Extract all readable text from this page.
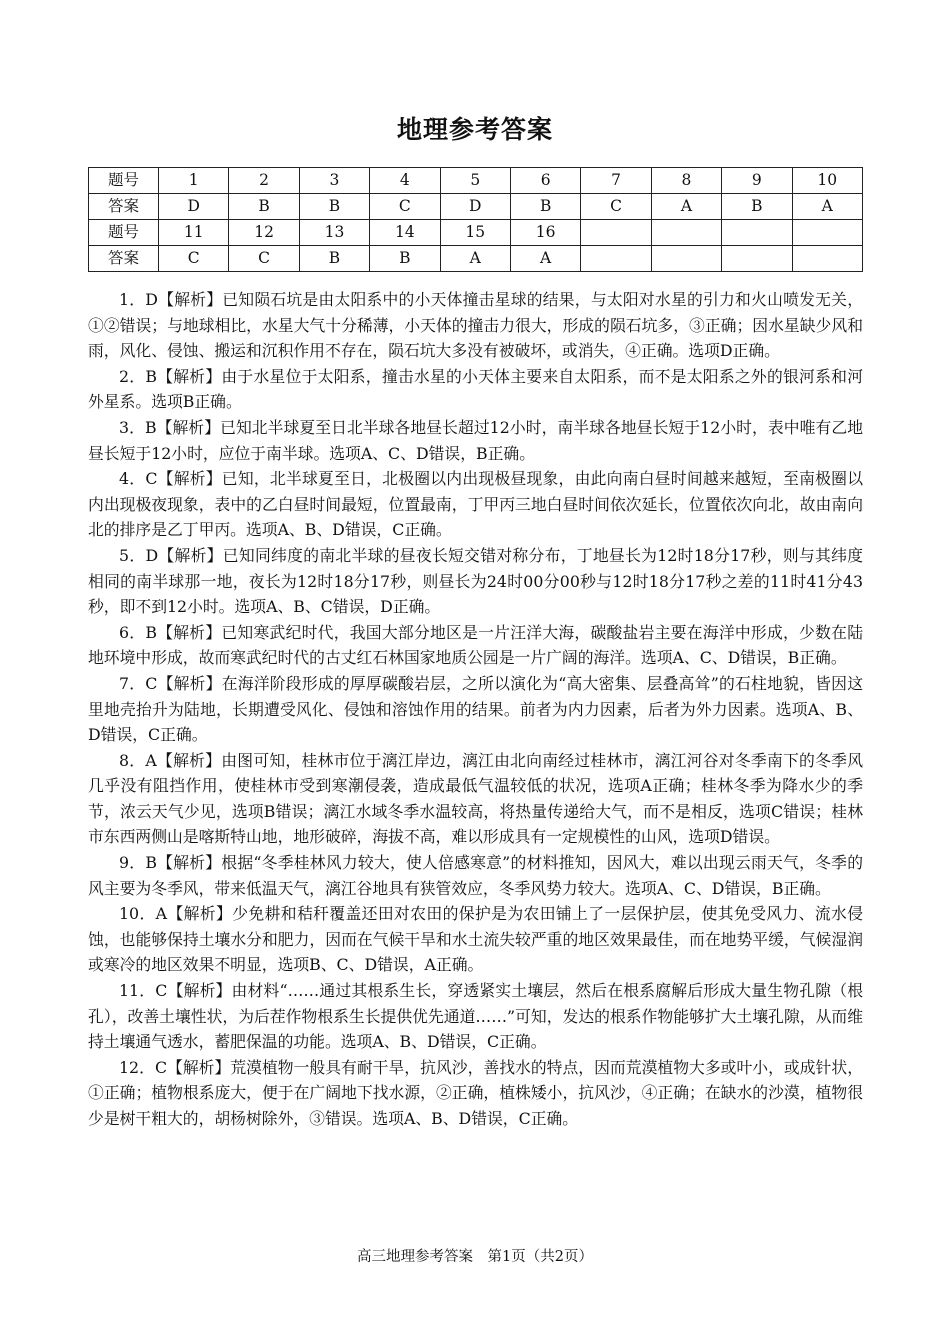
地理参考答案
题号	1	2	3	4	5	6	7	8	9	10
答案	D	B	B	C	D	B	C	A	B	A
题号	11	12	13	14	15	16				
答案	C	C	B	B	A	A				

1．D【解析】已知陨石坑是由太阳系中的小天体撞击星球的结果，与太阳对水星的引力和火山喷发无关，①②错误；与地球相比，水星大气十分稀薄，小天体的撞击力很大，形成的陨石坑多，③正确；因水星缺少风和雨，风化、侵蚀、搬运和沉积作用不存在，陨石坑大多没有被破坏，或消失，④正确。选项D正确。

2．B【解析】由于水星位于太阳系，撞击水星的小天体主要来自太阳系，而不是太阳系之外的银河系和河外星系。选项B正确。

3．B【解析】已知北半球夏至日北半球各地昼长超过12小时，南半球各地昼长短于12小时，表中唯有乙地昼长短于12小时，应位于南半球。选项A、C、D错误，B正确。

4．C【解析】已知，北半球夏至日，北极圈以内出现极昼现象，由此向南白昼时间越来越短，至南极圈以内出现极夜现象，表中的乙白昼时间最短，位置最南，丁甲丙三地白昼时间依次延长，位置依次向北，故由南向北的排序是乙丁甲丙。选项A、B、D错误，C正确。

5．D【解析】已知同纬度的南北半球的昼夜长短交错对称分布，丁地昼长为12时18分17秒，则与其纬度相同的南半球那一地，夜长为12时18分17秒，则昼长为24时00分00秒与12时18分17秒之差的11时41分43秒，即不到12小时。选项A、B、C错误，D正确。

6．B【解析】已知寒武纪时代，我国大部分地区是一片汪洋大海，碳酸盐岩主要在海洋中形成，少数在陆地环境中形成，故而寒武纪时代的古丈红石林国家地质公园是一片广阔的海洋。选项A、C、D错误，B正确。

7．C【解析】在海洋阶段形成的厚厚碳酸岩层，之所以演化为“高大密集、层叠高耸”的石柱地貌，皆因这里地壳抬升为陆地，长期遭受风化、侵蚀和溶蚀作用的结果。前者为内力因素，后者为外力因素。选项A、B、D错误，C正确。

8．A【解析】由图可知，桂林市位于漓江岸边，漓江由北向南经过桂林市，漓江河谷对冬季南下的冬季风几乎没有阻挡作用，使桂林市受到寒潮侵袭，造成最低气温较低的状况，选项A正确；桂林冬季为降水少的季节，浓云天气少见，选项B错误；漓江水域冬季水温较高，将热量传递给大气，而不是相反，选项C错误；桂林市东西两侧山是喀斯特山地，地形破碎，海拔不高，难以形成具有一定规模性的山风，选项D错误。

9．B【解析】根据“冬季桂林风力较大，使人倍感寒意”的材料推知，因风大，难以出现云雨天气，冬季的风主要为冬季风，带来低温天气，漓江谷地具有狭管效应，冬季风势力较大。选项A、C、D错误，B正确。

10．A【解析】少免耕和秸秆覆盖还田对农田的保护是为农田铺上了一层保护层，使其免受风力、流水侵蚀，也能够保持土壤水分和肥力，因而在气候干旱和水土流失较严重的地区效果最佳，而在地势平缓，气候湿润或寒冷的地区效果不明显，选项B、C、D错误，A正确。

11．C【解析】由材料“……通过其根系生长，穿透紧实土壤层，然后在根系腐解后形成大量生物孔隙（根孔），改善土壤性状，为后茬作物根系生长提供优先通道……”可知，发达的根系作物能够扩大土壤孔隙，从而维持土壤通气透水，蓄肥保温的功能。选项A、B、D错误，C正确。

12．C【解析】荒漠植物一般具有耐干旱，抗风沙，善找水的特点，因而荒漠植物大多或叶小，或成针状，①正确；植物根系庞大，便于在广阔地下找水源，②正确，植株矮小，抗风沙，④正确；在缺水的沙漠，植物很少是树干粗大的，胡杨树除外，③错误。选项A、B、D错误，C正确。

高三地理参考答案　第1页（共2页）
